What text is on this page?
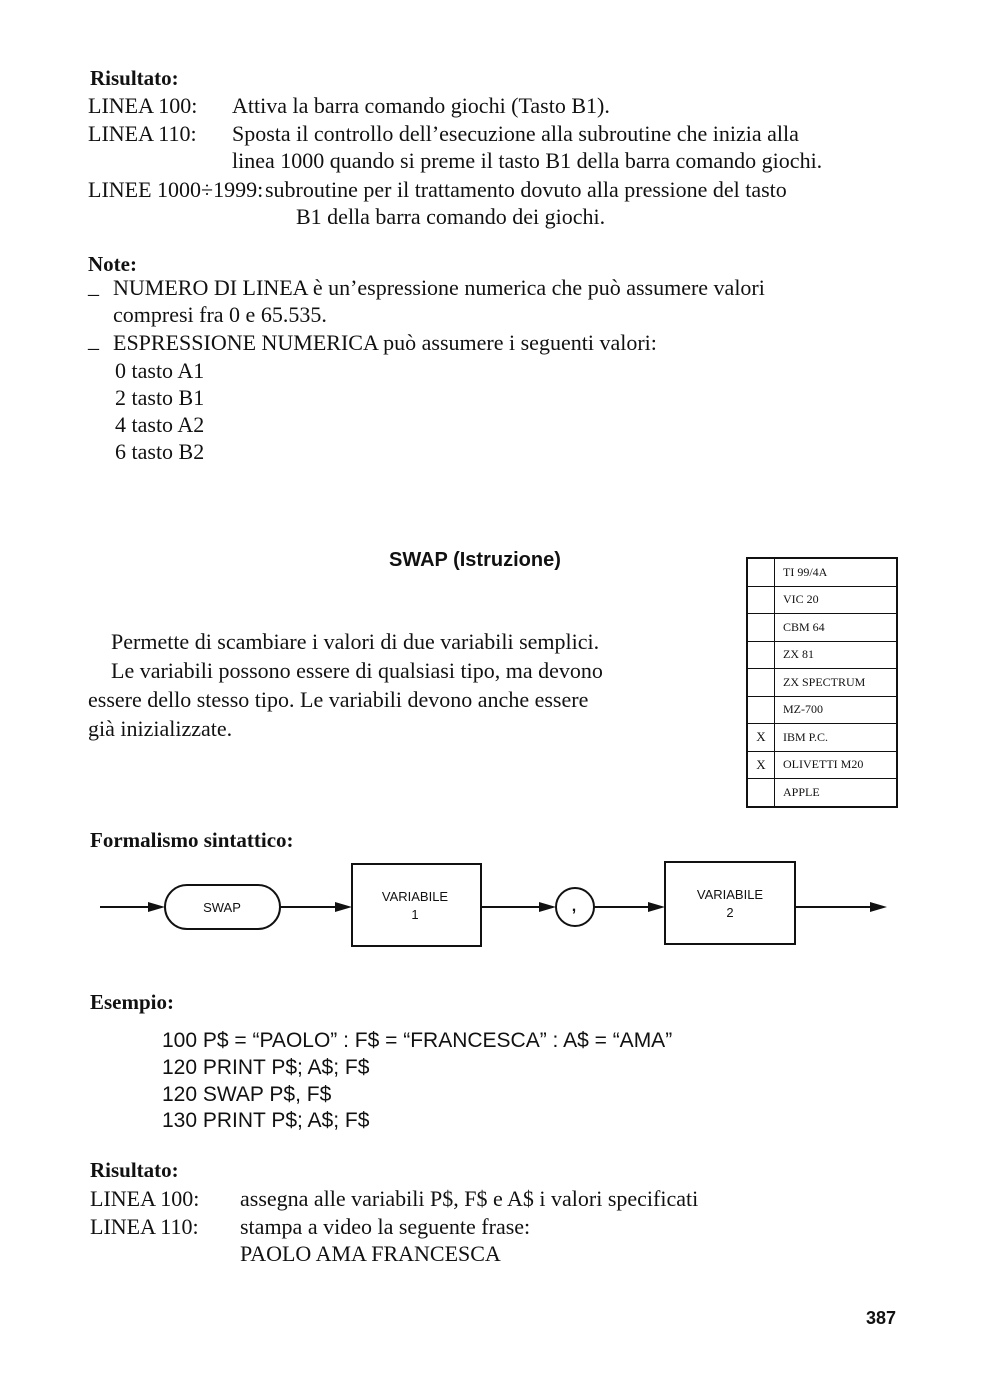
Risultato:
LINEA 100: Attiva la barra comando giochi (Tasto B1).
LINEA 110: Sposta il controllo dell’esecuzione alla subroutine che inizia alla
linea 1000 quando si preme il tasto B1 della barra comando giochi.
LINEE 1000÷1999: subroutine per il trattamento dovuto alla pressione del tasto
B1 della barra comando dei giochi.
Note:
_ NUMERO DI LINEA è un’espressione numerica che può assumere valori
compresi fra 0 e 65.535.
_ ESPRESSIONE NUMERICA può assumere i seguenti valori:
0 tasto A1
2 tasto B1
4 tasto A2
6 tasto B2
SWAP (Istruzione)
Permette di scambiare i valori di due variabili semplici.
Le variabili possono essere di qualsiasi tipo, ma devono
essere dello stesso tipo. Le variabili devono anche essere
già inizializzate.
	TI 99/4A
	VIC 20
	CBM 64
	ZX 81
	ZX SPECTRUM
	MZ-700
X	IBM P.C.
X	OLIVETTI M20
	APPLE
Formalismo sintattico:
SWAP
VARIABILE
1	,
VARIABILE
2
Esempio:
100 P$ = “PAOLO” : F$ = “FRANCESCA” : A$ = “AMA”
120 PRINT P$; A$; F$
120 SWAP P$, F$
130 PRINT P$; A$; F$
Risultato:
LINEA 100: assegna alle variabili P$, F$ e A$ i valori specificati
LINEA 110: stampa a video la seguente frase:
PAOLO AMA FRANCESCA
387
